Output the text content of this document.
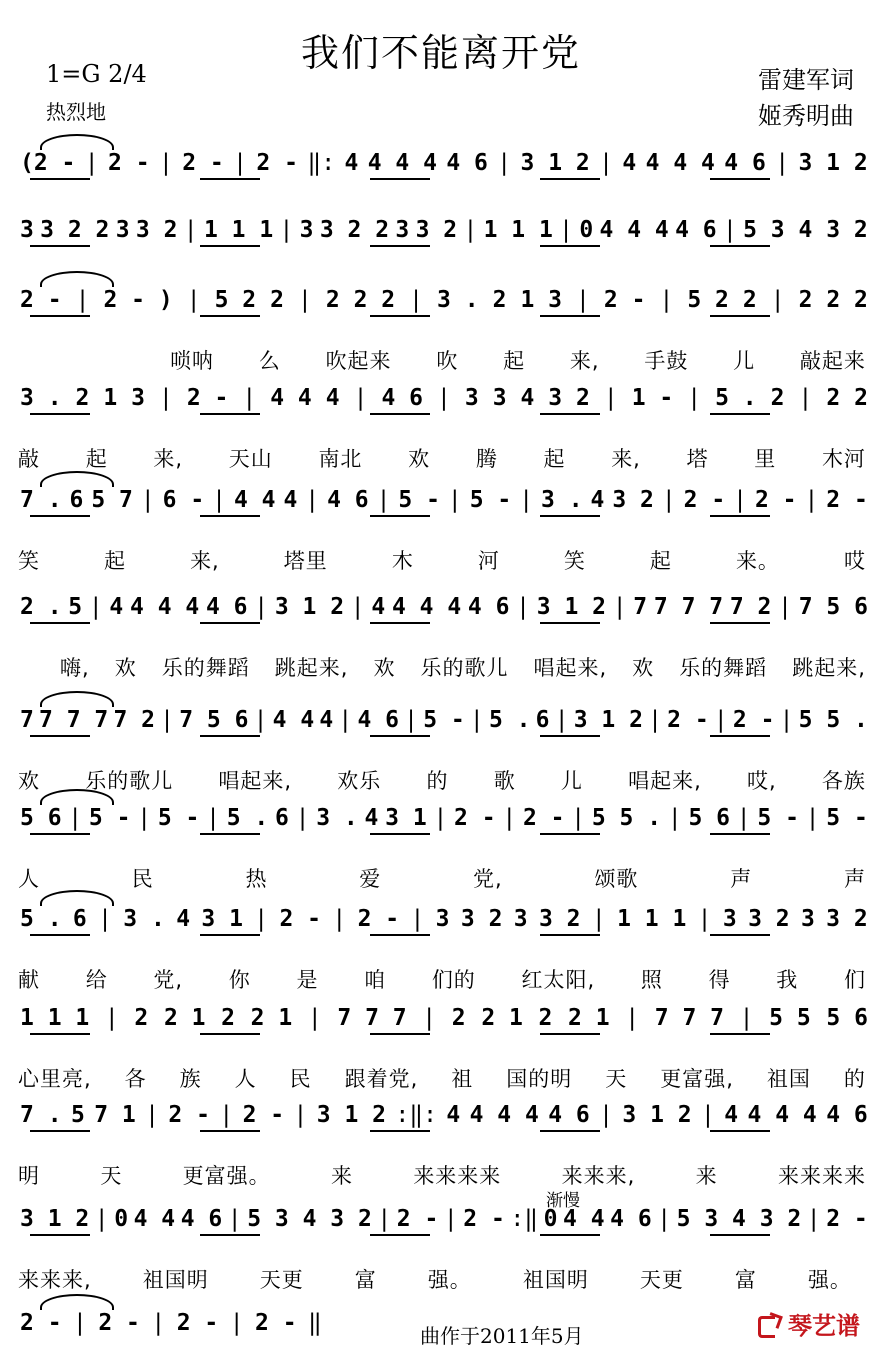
我们不能离开党
1=G 2/4
热烈地
雷建军词
姬秀明曲
(2 - | 2 - | 2 - | 2 - ‖: 4 4 4 4 4 6 | 3 1 2 | 4 4 4 4 4 6 | 3 1 2
3 3 2 2 3 3 2 | 1 1 1 | 3 3 2 2 3 3 2 | 1 1 1 | 0 4 4 4 4 6 | 5 3 4 3 2
2 - | 2 - ) | 5 2 2 | 2 2 2 | 3 . 2 1 3 | 2 - | 5 2 2 | 2 2 2
唢呐 么 吹起来 吹 起 来, 手鼓 儿 敲起来
3 . 2 1 3 | 2 - | 4 4 4 | 4 6 | 3 3 4 3 2 | 1 - | 5 . 2 | 2 2
敲 起 来, 天山 南北 欢 腾 起 来, 塔 里 木河
7 . 6 5 7 | 6 - | 4 4 4 | 4 6 | 5 - | 5 - | 3 . 4 3 2 | 2 - | 2 - | 2 -
笑	起	来,	塔里	木	河	笑	起	来。	哎
2 . 5 | 4 4 4 4 4 6 | 3 1 2 | 4 4 4 4 4 6 | 3 1 2 | 7 7 7 7 7 2 | 7 5 6
嗨, 欢 乐的舞蹈 跳起来, 欢 乐的歌儿 唱起来, 欢 乐的舞蹈 跳起来,
7 7 7 7 7 2 | 7 5 6 | 4 4 4 | 4 6 | 5 - | 5 . 6 | 3 1 2 | 2 - | 2 - | 5 5 .
欢 乐的歌儿 唱起来, 欢乐 的 歌 儿 唱起来, 哎, 各族
5 6 | 5 - | 5 - | 5 . 6 | 3 . 4 3 1 | 2 - | 2 - | 5 5 . | 5 6 | 5 - | 5 -
人	民	热	爱	党,	颂歌	声	声
5 . 6 | 3 . 4 3 1 | 2 - | 2 - | 3 3 2 3 3 2 | 1 1 1 | 3 3 2 3 3 2
献 给 党, 你 是 咱 们的 红太阳, 照 得 我 们
1 1 1 | 2 2 1 2 2 1 | 7 7 7 | 2 2 1 2 2 1 | 7 7 7 | 5 5 5 6
心里亮, 各 族 人 民 跟着党, 祖 国的明 天 更富强, 祖国 的
7 . 5 7 1 | 2 - | 2 - | 3 1 2 :‖: 4 4 4 4 4 6 | 3 1 2 | 4 4 4 4 4 6
明	天	更富强。	来	来来来来	来来来,	来	来来来来
3 1 2 | 0 4 4 4 6 | 5 3 4 3 2 | 2 - | 2 - :‖ 0 4 4 4 6 | 5 3 4 3 2 | 2 -
来来来, 祖国明 天更 富 强。 祖国明 天更 富 强。
2 - | 2 - | 2 - | 2 - ‖
渐慢
曲作于2011年5月	琴艺谱
